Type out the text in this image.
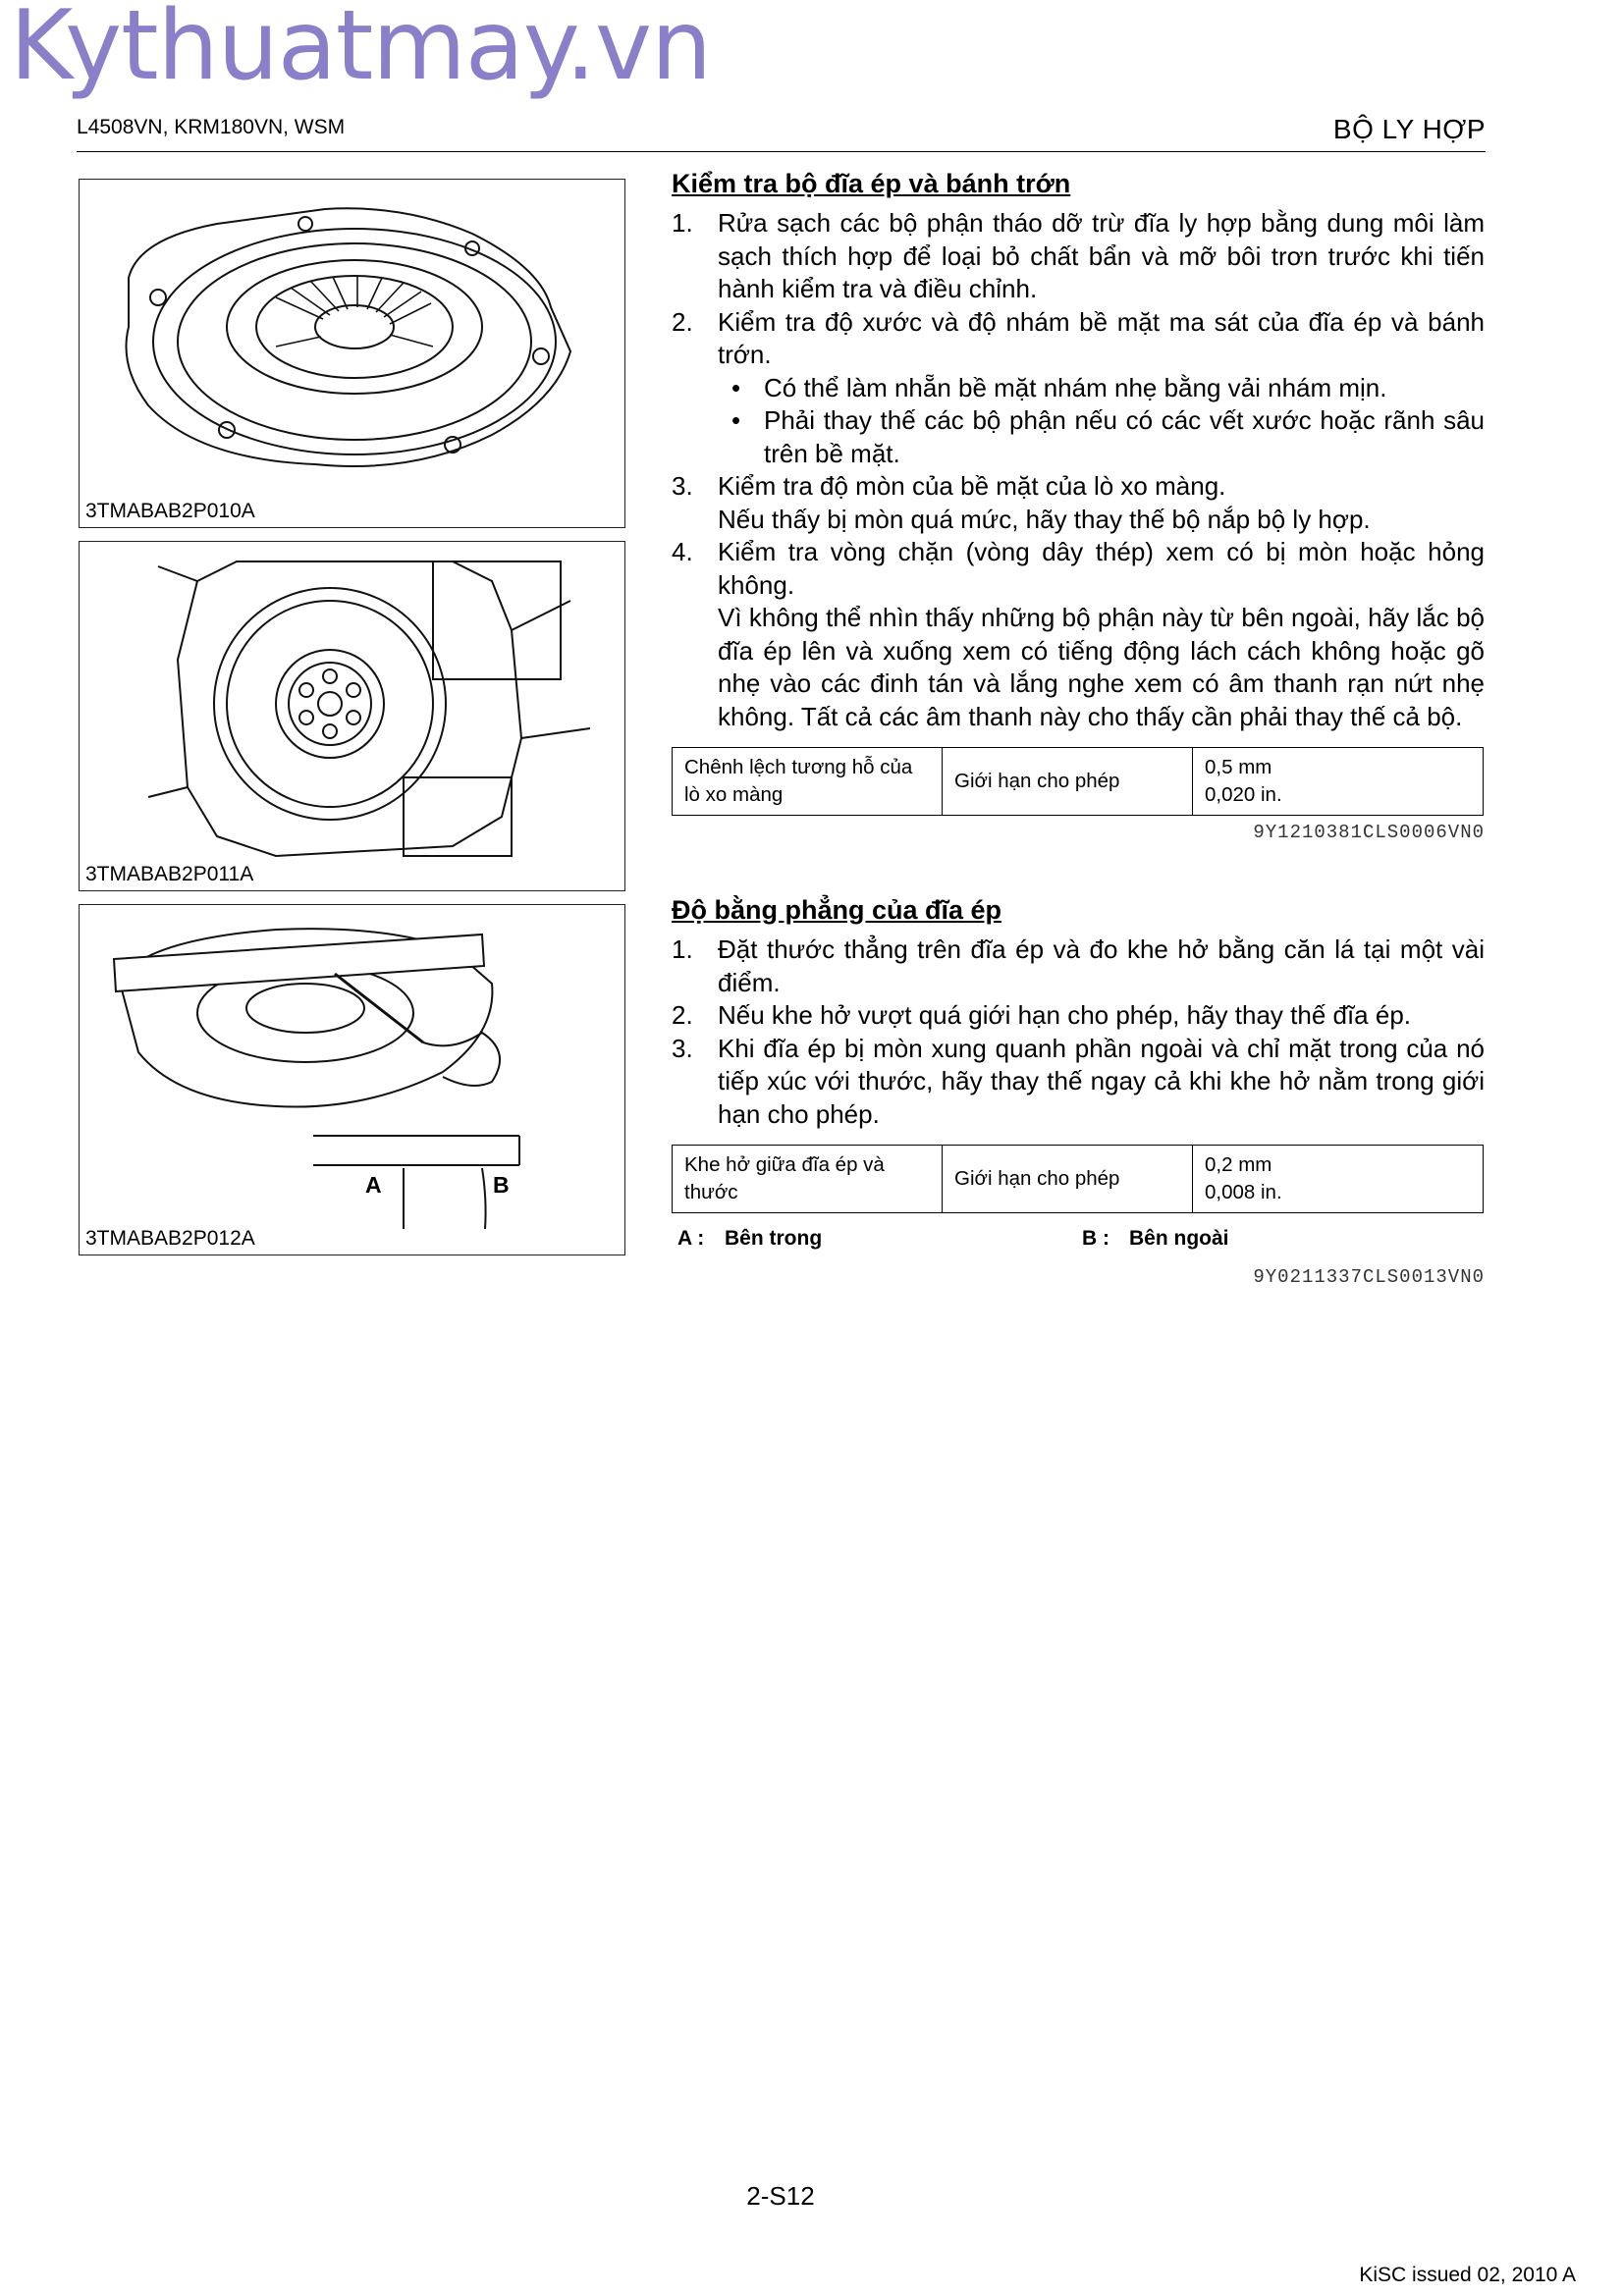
Kythuatmay.vn
L4508VN, KRM180VN, WSM	BỘ LY HỢP
3TMABAB2P010A
3TMABAB2P011A
A	B
3TMABAB2P012A
Kiểm tra bộ đĩa ép và bánh trớn
1. Rửa sạch các bộ phận tháo dỡ trừ đĩa ly hợp bằng dung môi làm sạch thích hợp để loại bỏ chất bẩn và mỡ bôi trơn trước khi tiến hành kiểm tra và điều chỉnh.
2. Kiểm tra độ xước và độ nhám bề mặt ma sát của đĩa ép và bánh trớn.
• Có thể làm nhẵn bề mặt nhám nhẹ bằng vải nhám mịn.
• Phải thay thế các bộ phận nếu có các vết xước hoặc rãnh sâu trên bề mặt.
3. Kiểm tra độ mòn của bề mặt của lò xo màng.
Nếu thấy bị mòn quá mức, hãy thay thế bộ nắp bộ ly hợp.
4. Kiểm tra vòng chặn (vòng dây thép) xem có bị mòn hoặc hỏng không.
Vì không thể nhìn thấy những bộ phận này từ bên ngoài, hãy lắc bộ đĩa ép lên và xuống xem có tiếng động lách cách không hoặc gõ nhẹ vào các đinh tán và lắng nghe xem có âm thanh rạn nứt nhẹ không. Tất cả các âm thanh này cho thấy cần phải thay thế cả bộ.
Chênh lệch tương hỗ của lò xo màng	Giới hạn cho phép	0,5 mm
0,020 in.
9Y1210381CLS0006VN0
Độ bằng phẳng của đĩa ép
1. Đặt thước thẳng trên đĩa ép và đo khe hở bằng căn lá tại một vài điểm.
2. Nếu khe hở vượt quá giới hạn cho phép, hãy thay thế đĩa ép.
3. Khi đĩa ép bị mòn xung quanh phần ngoài và chỉ mặt trong của nó tiếp xúc với thước, hãy thay thế ngay cả khi khe hở nằm trong giới hạn cho phép.
Khe hở giữa đĩa ép và thước	Giới hạn cho phép	0,2 mm
0,008 in.
A : Bên trong	B : Bên ngoài
9Y0211337CLS0013VN0
2-S12
KiSC issued 02, 2010 A
